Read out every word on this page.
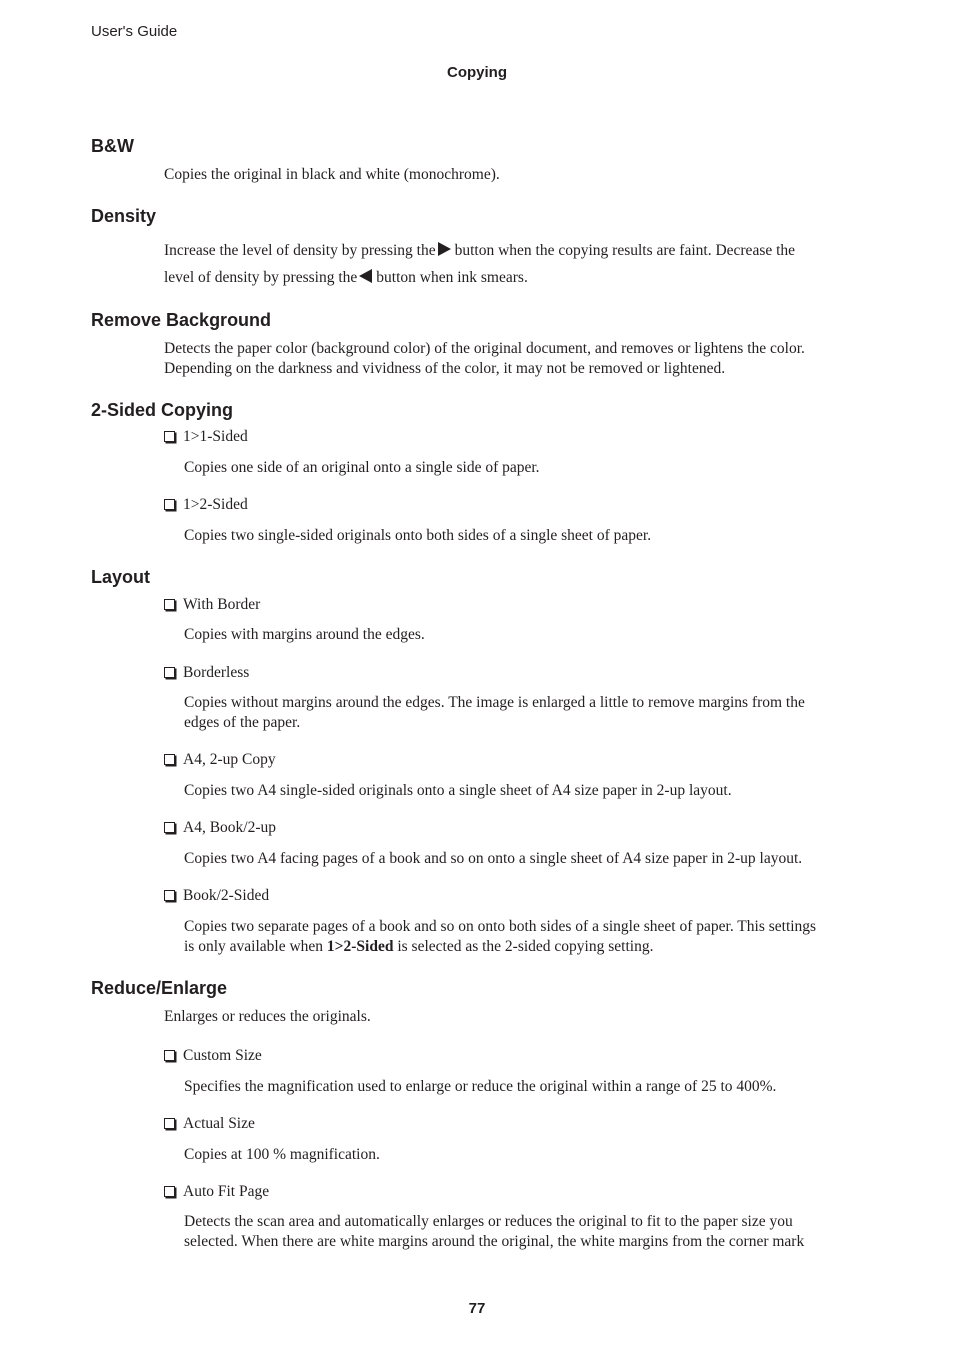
User's Guide
Copying
B&W
Copies the original in black and white (monochrome).
Density
Increase the level of density by pressing the button when the copying results are faint. Decrease the
level of density by pressing the button when ink smears.
Remove Background
Detects the paper color (background color) of the original document, and removes or lightens the color.
Depending on the darkness and vividness of the color, it may not be removed or lightened.
2-Sided Copying
1>1-Sided
Copies one side of an original onto a single side of paper.
1>2-Sided
Copies two single-sided originals onto both sides of a single sheet of paper.
Layout
With Border
Copies with margins around the edges.
Borderless
Copies without margins around the edges. The image is enlarged a little to remove margins from the
edges of the paper.
A4, 2-up Copy
Copies two A4 single-sided originals onto a single sheet of A4 size paper in 2-up layout.
A4, Book/2-up
Copies two A4 facing pages of a book and so on onto a single sheet of A4 size paper in 2-up layout.
Book/2-Sided
Copies two separate pages of a book and so on onto both sides of a single sheet of paper. This settings
is only available when 1>2-Sided is selected as the 2-sided copying setting.
Reduce/Enlarge
Enlarges or reduces the originals.
Custom Size
Specifies the magnification used to enlarge or reduce the original within a range of 25 to 400%.
Actual Size
Copies at 100 % magnification.
Auto Fit Page
Detects the scan area and automatically enlarges or reduces the original to fit to the paper size you
selected. When there are white margins around the original, the white margins from the corner mark
77
